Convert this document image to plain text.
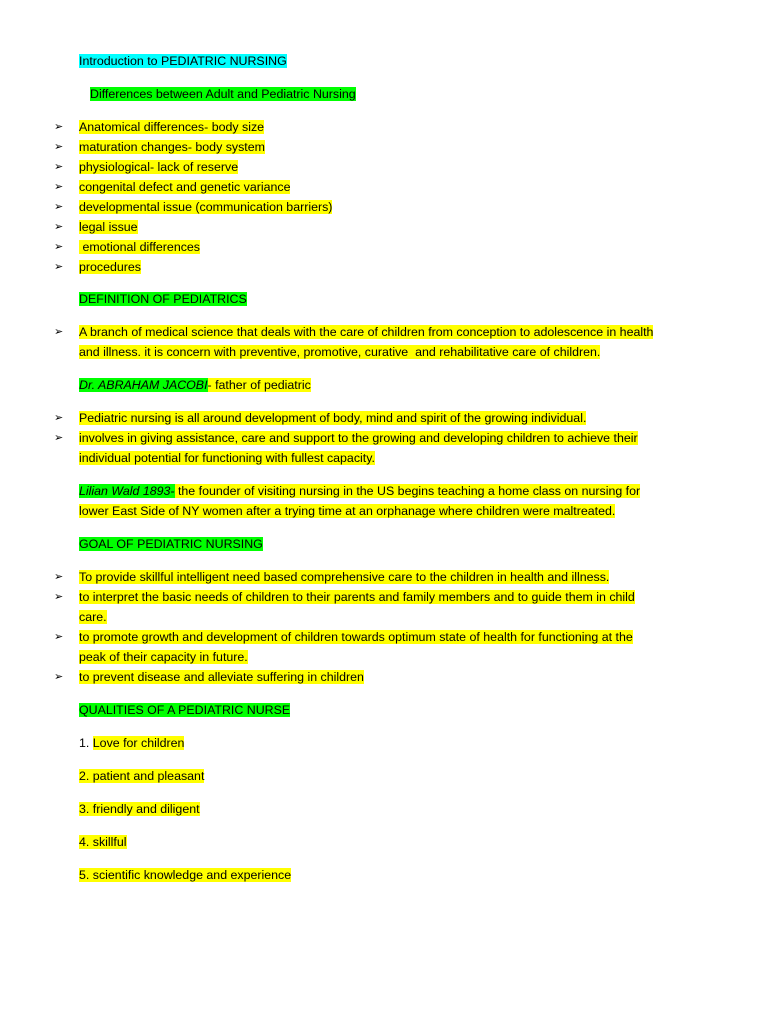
Introduction to PEDIATRIC NURSING
Differences between Adult and Pediatric Nursing
➢	Anatomical differences- body size
➢	maturation changes- body system
➢	physiological- lack of reserve
➢	congenital defect and genetic variance
➢	developmental issue (communication barriers)
➢	legal issue
➢	emotional differences
➢	procedures
DEFINITION OF PEDIATRICS
➢	A branch of medical science that deals with the care of children from conception to adolescence in health
and illness. it is concern with preventive, promotive, curative  and rehabilitative care of children.
Dr. ABRAHAM JACOBI- father of pediatric
➢	Pediatric nursing is all around development of body, mind and spirit of the growing individual.
➢	involves in giving assistance, care and support to the growing and developing children to achieve their
individual potential for functioning with fullest capacity.
Lilian Wald 1893- the founder of visiting nursing in the US begins teaching a home class on nursing for
lower East Side of NY women after a trying time at an orphanage where children were maltreated.
GOAL OF PEDIATRIC NURSING
➢	To provide skillful intelligent need based comprehensive care to the children in health and illness.
➢	to interpret the basic needs of children to their parents and family members and to guide them in child
care.
➢	to promote growth and development of children towards optimum state of health for functioning at the
peak of their capacity in future.
➢	to prevent disease and alleviate suffering in children
QUALITIES OF A PEDIATRIC NURSE
1. Love for children
2. patient and pleasant
3. friendly and diligent
4. skillful
5. scientific knowledge and experience
